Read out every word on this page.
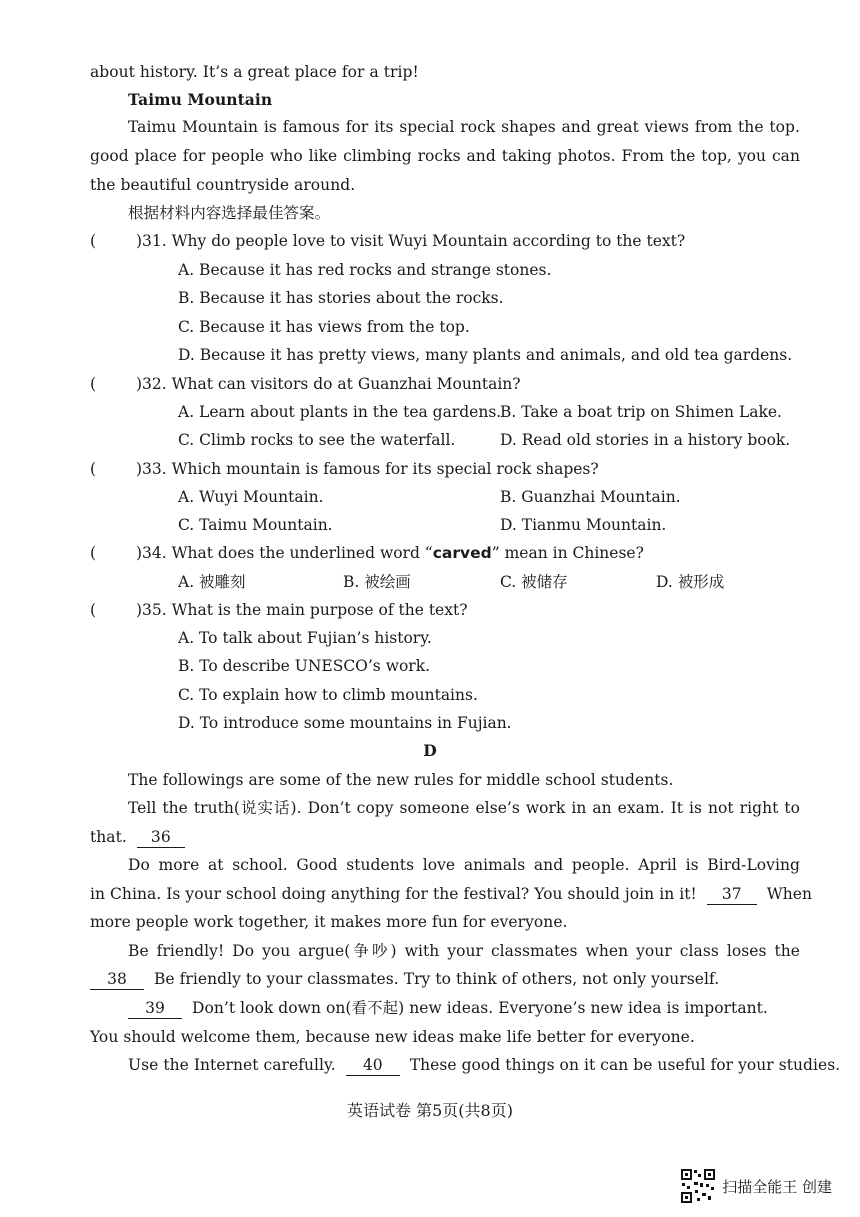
about history. It’s a great place for a trip!
Taimu Mountain
Taimu Mountain is famous for its special rock shapes and great views from the top.
good place for people who like climbing rocks and taking photos. From the top, you can
the beautiful countryside around.
根据材料内容选择最佳答案。
(	)31. Why do people love to visit Wuyi Mountain according to the text?
A. Because it has red rocks and strange stones.
B. Because it has stories about the rocks.
C. Because it has views from the top.
D. Because it has pretty views, many plants and animals, and old tea gardens.
(	)32. What can visitors do at Guanzhai Mountain?
A. Learn about plants in the tea gardens.
B. Take a boat trip on Shimen Lake.
C. Climb rocks to see the waterfall.	D. Read old stories in a history book.
(	)33. Which mountain is famous for its special rock shapes?
A. Wuyi Mountain.	B. Guanzhai Mountain.
C. Taimu Mountain.	D. Tianmu Mountain.
(	)34. What does the underlined word “carved” mean in Chinese?
A. 被雕刻	B. 被绘画	C. 被储存	D. 被形成
(	)35. What is the main purpose of the text?
A. To talk about Fujian’s history.
B. To describe UNESCO’s work.
C. To explain how to climb mountains.
D. To introduce some mountains in Fujian.
D
The followings are some of the new rules for middle school students.
Tell the truth(说实话). Don’t copy someone else’s work in an exam. It is not right to
that. 36
Do more at school. Good students love animals and people. April is Bird-Loving
in China. Is your school doing anything for the festival? You should join in it! 37 When
more people work together, it makes more fun for everyone.
Be friendly! Do you argue(争吵) with your classmates when your class loses the
38 Be friendly to your classmates. Try to think of others, not only yourself.
39 Don’t look down on(看不起) new ideas. Everyone’s new idea is important.
You should welcome them, because new ideas make life better for everyone.
Use the Internet carefully. 40 These good things on it can be useful for your studies.
英语试卷 第5页(共8页)
扫描全能王 创建
